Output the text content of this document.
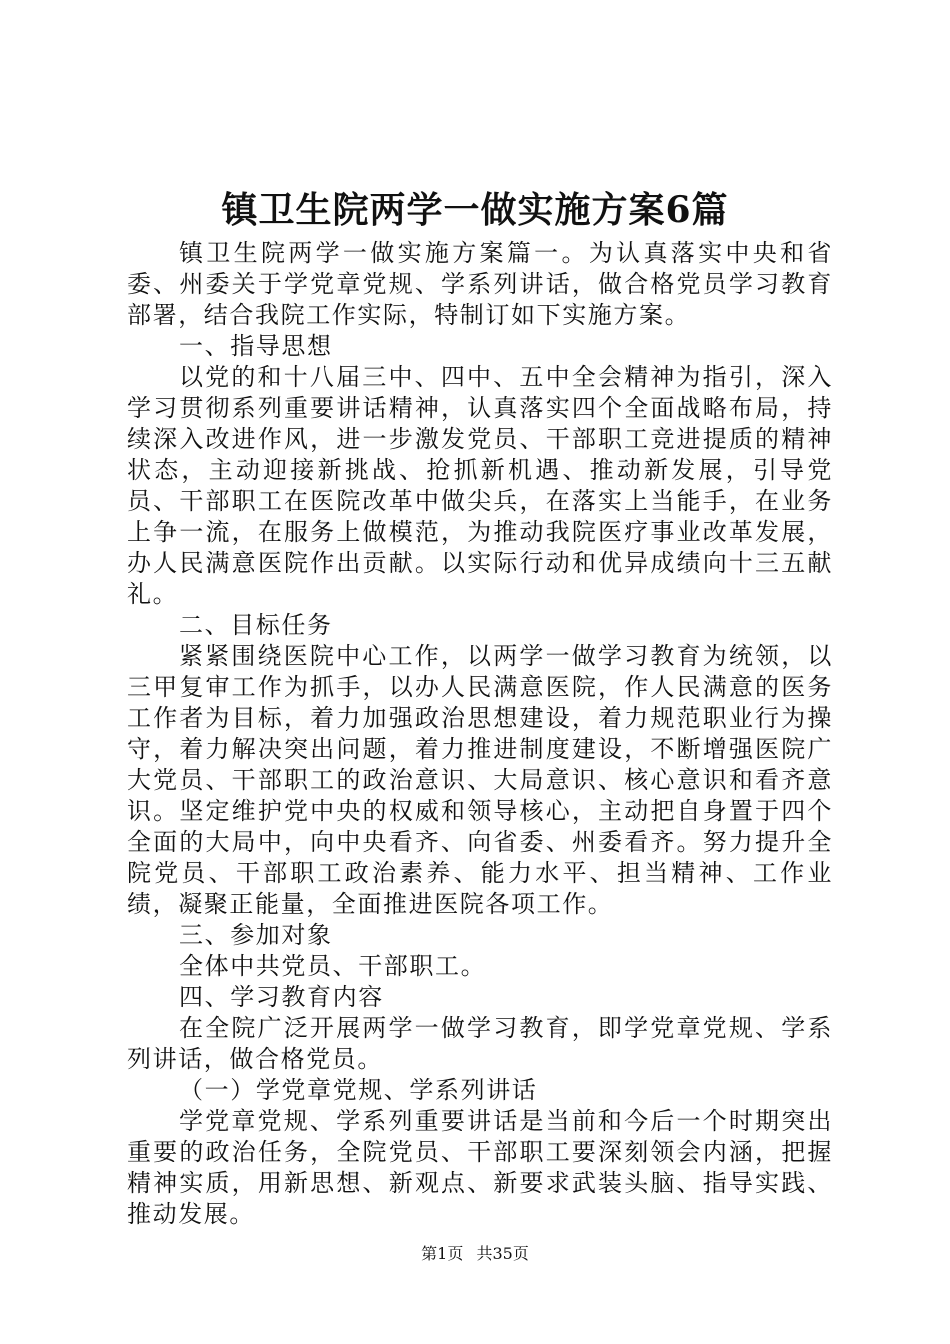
镇卫生院两学一做实施方案6篇

镇卫生院两学一做实施方案篇一。为认真落实中央和省委、州委关于学党章党规、学系列讲话，做合格党员学习教育部署，结合我院工作实际，特制订如下实施方案。

一、指导思想

以党的和十八届三中、四中、五中全会精神为指引，深入学习贯彻系列重要讲话精神，认真落实四个全面战略布局，持续深入改进作风，进一步激发党员、干部职工竞进提质的精神状态，主动迎接新挑战、抢抓新机遇、推动新发展，引导党员、干部职工在医院改革中做尖兵，在落实上当能手，在业务上争一流，在服务上做模范，为推动我院医疗事业改革发展，办人民满意医院作出贡献。以实际行动和优异成绩向十三五献礼。

二、目标任务

紧紧围绕医院中心工作，以两学一做学习教育为统领，以三甲复审工作为抓手，以办人民满意医院，作人民满意的医务工作者为目标，着力加强政治思想建设，着力规范职业行为操守，着力解决突出问题，着力推进制度建设，不断增强医院广大党员、干部职工的政治意识、大局意识、核心意识和看齐意识。坚定维护党中央的权威和领导核心，主动把自身置于四个全面的大局中，向中央看齐、向省委、州委看齐。努力提升全院党员、干部职工政治素养、能力水平、担当精神、工作业绩，凝聚正能量，全面推进医院各项工作。

三、参加对象

全体中共党员、干部职工。

四、学习教育内容

在全院广泛开展两学一做学习教育，即学党章党规、学系列讲话，做合格党员。

（一）学党章党规、学系列讲话

学党章党规、学系列重要讲话是当前和今后一个时期突出重要的政治任务，全院党员、干部职工要深刻领会内涵，把握精神实质，用新思想、新观点、新要求武装头脑、指导实践、推动发展。

第1页 共35页
